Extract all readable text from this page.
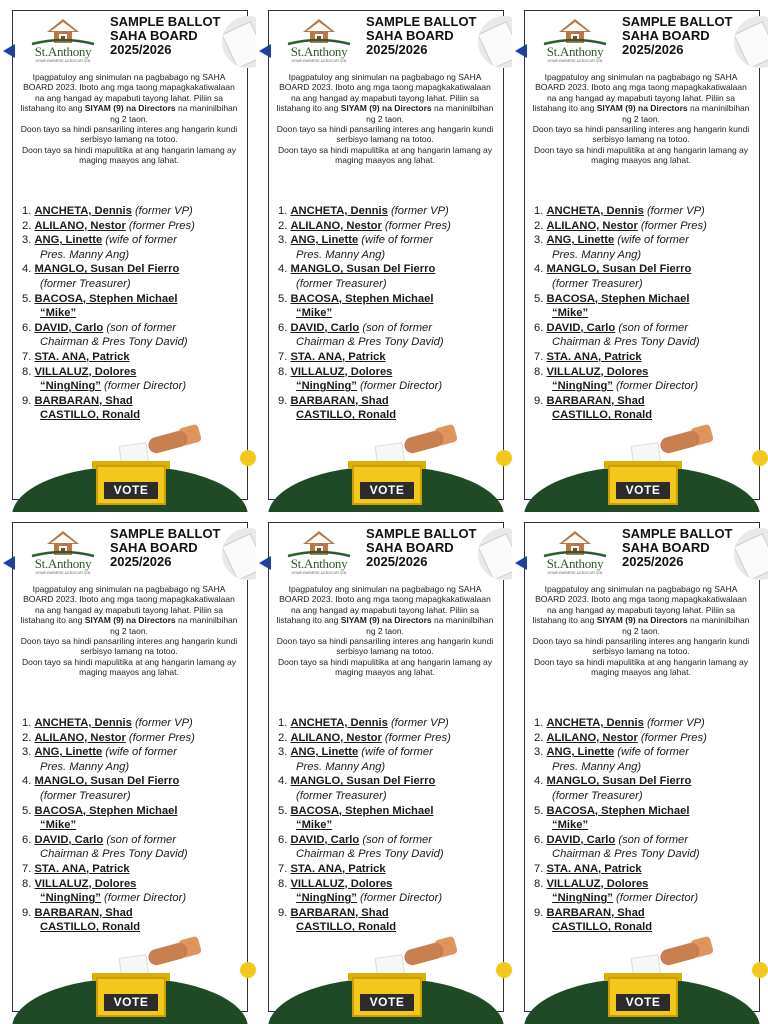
St.Anthony
HOMEOWNERS ASSOCIATION
SAMPLE BALLOT
SAHA BOARD
2025/2026

Ipagpatuloy ang sinimulan na pagbabago ng SAHA BOARD 2023. Iboto ang mga taong mapagkakatiwalaan na ang hangad ay mapabuti tayong lahat. Piliin sa listahang ito ang SIYAM (9) na Directors na maninilbihan ng 2 taon.

Doon tayo sa hindi pansariling interes ang hangarin kundi serbisyo lamang na totoo.

Doon tayo sa hindi mapulitika at ang hangarin lamang ay maging maayos ang lahat.

1. ANCHETA, Dennis (former VP)
2. ALILANO, Nestor (former Pres)
3. ANG, Linette (wife of former
Pres. Manny Ang)
4. MANGLO, Susan Del Fierro
(former Treasurer)
5. BACOSA, Stephen Michael
“Mike”
6. DAVID, Carlo (son of former
Chairman & Pres Tony David)
7. STA. ANA, Patrick
8. VILLALUZ, Dolores
“NingNing” (former Director)
9. BARBARAN, Shad
CASTILLO, Ronald
VOTE
St.Anthony
HOMEOWNERS ASSOCIATION
SAMPLE BALLOT
SAHA BOARD
2025/2026

Ipagpatuloy ang sinimulan na pagbabago ng SAHA BOARD 2023. Iboto ang mga taong mapagkakatiwalaan na ang hangad ay mapabuti tayong lahat. Piliin sa listahang ito ang SIYAM (9) na Directors na maninilbihan ng 2 taon.

Doon tayo sa hindi pansariling interes ang hangarin kundi serbisyo lamang na totoo.

Doon tayo sa hindi mapulitika at ang hangarin lamang ay maging maayos ang lahat.

1. ANCHETA, Dennis (former VP)
2. ALILANO, Nestor (former Pres)
3. ANG, Linette (wife of former
Pres. Manny Ang)
4. MANGLO, Susan Del Fierro
(former Treasurer)
5. BACOSA, Stephen Michael
“Mike”
6. DAVID, Carlo (son of former
Chairman & Pres Tony David)
7. STA. ANA, Patrick
8. VILLALUZ, Dolores
“NingNing” (former Director)
9. BARBARAN, Shad
CASTILLO, Ronald
VOTE
St.Anthony
HOMEOWNERS ASSOCIATION
SAMPLE BALLOT
SAHA BOARD
2025/2026

Ipagpatuloy ang sinimulan na pagbabago ng SAHA BOARD 2023. Iboto ang mga taong mapagkakatiwalaan na ang hangad ay mapabuti tayong lahat. Piliin sa listahang ito ang SIYAM (9) na Directors na maninilbihan ng 2 taon.

Doon tayo sa hindi pansariling interes ang hangarin kundi serbisyo lamang na totoo.

Doon tayo sa hindi mapulitika at ang hangarin lamang ay maging maayos ang lahat.

1. ANCHETA, Dennis (former VP)
2. ALILANO, Nestor (former Pres)
3. ANG, Linette (wife of former
Pres. Manny Ang)
4. MANGLO, Susan Del Fierro
(former Treasurer)
5. BACOSA, Stephen Michael
“Mike”
6. DAVID, Carlo (son of former
Chairman & Pres Tony David)
7. STA. ANA, Patrick
8. VILLALUZ, Dolores
“NingNing” (former Director)
9. BARBARAN, Shad
CASTILLO, Ronald
VOTE
St.Anthony
HOMEOWNERS ASSOCIATION
SAMPLE BALLOT
SAHA BOARD
2025/2026

Ipagpatuloy ang sinimulan na pagbabago ng SAHA BOARD 2023. Iboto ang mga taong mapagkakatiwalaan na ang hangad ay mapabuti tayong lahat. Piliin sa listahang ito ang SIYAM (9) na Directors na maninilbihan ng 2 taon.

Doon tayo sa hindi pansariling interes ang hangarin kundi serbisyo lamang na totoo.

Doon tayo sa hindi mapulitika at ang hangarin lamang ay maging maayos ang lahat.

1. ANCHETA, Dennis (former VP)
2. ALILANO, Nestor (former Pres)
3. ANG, Linette (wife of former
Pres. Manny Ang)
4. MANGLO, Susan Del Fierro
(former Treasurer)
5. BACOSA, Stephen Michael
“Mike”
6. DAVID, Carlo (son of former
Chairman & Pres Tony David)
7. STA. ANA, Patrick
8. VILLALUZ, Dolores
“NingNing” (former Director)
9. BARBARAN, Shad
CASTILLO, Ronald
VOTE
St.Anthony
HOMEOWNERS ASSOCIATION
SAMPLE BALLOT
SAHA BOARD
2025/2026

Ipagpatuloy ang sinimulan na pagbabago ng SAHA BOARD 2023. Iboto ang mga taong mapagkakatiwalaan na ang hangad ay mapabuti tayong lahat. Piliin sa listahang ito ang SIYAM (9) na Directors na maninilbihan ng 2 taon.

Doon tayo sa hindi pansariling interes ang hangarin kundi serbisyo lamang na totoo.

Doon tayo sa hindi mapulitika at ang hangarin lamang ay maging maayos ang lahat.

1. ANCHETA, Dennis (former VP)
2. ALILANO, Nestor (former Pres)
3. ANG, Linette (wife of former
Pres. Manny Ang)
4. MANGLO, Susan Del Fierro
(former Treasurer)
5. BACOSA, Stephen Michael
“Mike”
6. DAVID, Carlo (son of former
Chairman & Pres Tony David)
7. STA. ANA, Patrick
8. VILLALUZ, Dolores
“NingNing” (former Director)
9. BARBARAN, Shad
CASTILLO, Ronald
VOTE
St.Anthony
HOMEOWNERS ASSOCIATION
SAMPLE BALLOT
SAHA BOARD
2025/2026

Ipagpatuloy ang sinimulan na pagbabago ng SAHA BOARD 2023. Iboto ang mga taong mapagkakatiwalaan na ang hangad ay mapabuti tayong lahat. Piliin sa listahang ito ang SIYAM (9) na Directors na maninilbihan ng 2 taon.

Doon tayo sa hindi pansariling interes ang hangarin kundi serbisyo lamang na totoo.

Doon tayo sa hindi mapulitika at ang hangarin lamang ay maging maayos ang lahat.

1. ANCHETA, Dennis (former VP)
2. ALILANO, Nestor (former Pres)
3. ANG, Linette (wife of former
Pres. Manny Ang)
4. MANGLO, Susan Del Fierro
(former Treasurer)
5. BACOSA, Stephen Michael
“Mike”
6. DAVID, Carlo (son of former
Chairman & Pres Tony David)
7. STA. ANA, Patrick
8. VILLALUZ, Dolores
“NingNing” (former Director)
9. BARBARAN, Shad
CASTILLO, Ronald
VOTE
